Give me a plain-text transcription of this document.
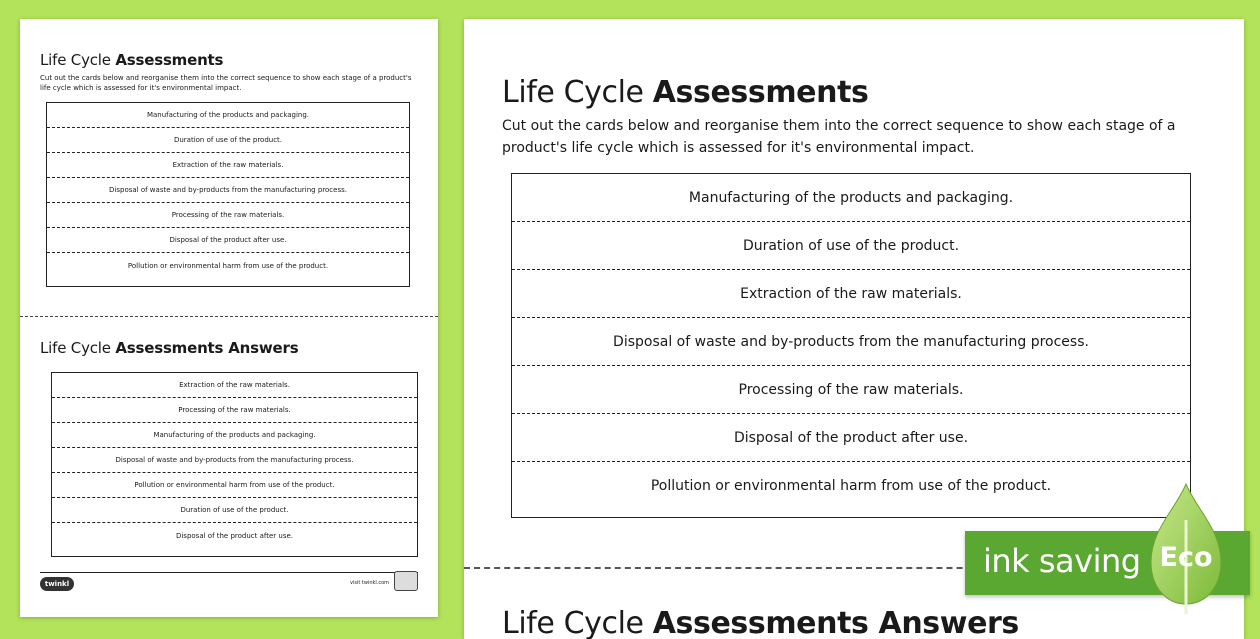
Life Cycle Assessments
Cut out the cards below and reorganise them into the correct sequence to show each stage of a product's life cycle which is assessed for it's environmental impact.
Manufacturing of the products and packaging.
Duration of use of the product.
Extraction of the raw materials.
Disposal of waste and by-products from the manufacturing process.
Processing of the raw materials.
Disposal of the product after use.
Pollution or environmental harm from use of the product.
Life Cycle Assessments Answers
Extraction of the raw materials.
Processing of the raw materials.
Manufacturing of the products and packaging.
Disposal of waste and by-products from the manufacturing process.
Pollution or environmental harm from use of the product.
Duration of use of the product.
Disposal of the product after use.
twinkl	visit twinkl.com
Life Cycle Assessments
Cut out the cards below and reorganise them into the correct sequence to show each stage of a product's life cycle which is assessed for it's environmental impact.
Manufacturing of the products and packaging.
Duration of use of the product.
Extraction of the raw materials.
Disposal of waste and by-products from the manufacturing process.
Processing of the raw materials.
Disposal of the product after use.
Pollution or environmental harm from use of the product.
Life Cycle Assessments Answers
ink saving Eco
